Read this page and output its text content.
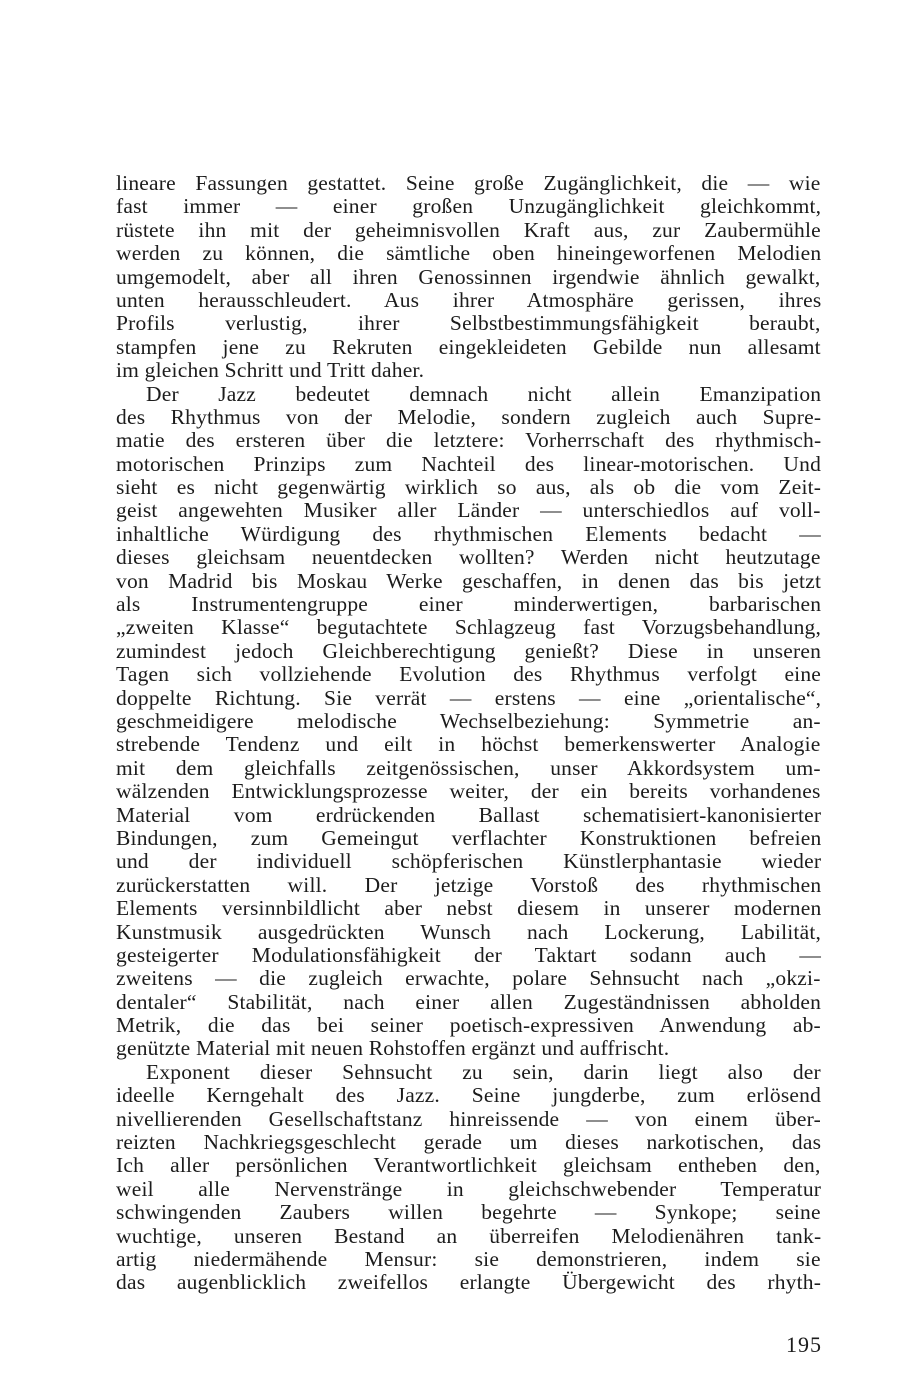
lineare Fassungen gestattet. Seine große Zugänglichkeit, die — wie
fast immer — einer großen Unzugänglichkeit gleichkommt,
rüstete ihn mit der geheimnisvollen Kraft aus, zur Zaubermühle
werden zu können, die sämtliche oben hineingeworfenen Melodien
umgemodelt, aber all ihren Genossinnen irgendwie ähnlich gewalkt,
unten herausschleudert. Aus ihrer Atmosphäre gerissen, ihres
Profils verlustig, ihrer Selbstbestimmungsfähigkeit beraubt,
stampfen jene zu Rekruten eingekleideten Gebilde nun allesamt
im gleichen Schritt und Tritt daher.
Der Jazz bedeutet demnach nicht allein Emanzipation
des Rhythmus von der Melodie, sondern zugleich auch Supre-
matie des ersteren über die letztere: Vorherrschaft des rhythmisch-
motorischen Prinzips zum Nachteil des linear-motorischen. Und
sieht es nicht gegenwärtig wirklich so aus, als ob die vom Zeit-
geist angewehten Musiker aller Länder — unterschiedlos auf voll-
inhaltliche Würdigung des rhythmischen Elements bedacht —
dieses gleichsam neuentdecken wollten? Werden nicht heutzutage
von Madrid bis Moskau Werke geschaffen, in denen das bis jetzt
als Instrumentengruppe einer minderwertigen, barbarischen
„zweiten Klasse“ begutachtete Schlagzeug fast Vorzugsbehandlung,
zumindest jedoch Gleichberechtigung genießt? Diese in unseren
Tagen sich vollziehende Evolution des Rhythmus verfolgt eine
doppelte Richtung. Sie verrät — erstens — eine „orientalische“,
geschmeidigere melodische Wechselbeziehung: Symmetrie an-
strebende Tendenz und eilt in höchst bemerkenswerter Analogie
mit dem gleichfalls zeitgenössischen, unser Akkordsystem um-
wälzenden Entwicklungsprozesse weiter, der ein bereits vorhandenes
Material vom erdrückenden Ballast schematisiert-kanonisierter
Bindungen, zum Gemeingut verflachter Konstruktionen befreien
und der individuell schöpferischen Künstlerphantasie wieder
zurückerstatten will. Der jetzige Vorstoß des rhythmischen
Elements versinnbildlicht aber nebst diesem in unserer modernen
Kunstmusik ausgedrückten Wunsch nach Lockerung, Labilität,
gesteigerter Modulationsfähigkeit der Taktart sodann auch —
zweitens — die zugleich erwachte, polare Sehnsucht nach „okzi-
dentaler“ Stabilität, nach einer allen Zugeständnissen abholden
Metrik, die das bei seiner poetisch-expressiven Anwendung ab-
genützte Material mit neuen Rohstoffen ergänzt und auffrischt.
Exponent dieser Sehnsucht zu sein, darin liegt also der
ideelle Kerngehalt des Jazz. Seine jungderbe, zum erlösend
nivellierenden Gesellschaftstanz hinreissende — von einem über-
reizten Nachkriegsgeschlecht gerade um dieses narkotischen, das
Ich aller persönlichen Verantwortlichkeit gleichsam entheben den,
weil alle Nervenstränge in gleichschwebender Temperatur
schwingenden Zaubers willen begehrte — Synkope; seine
wuchtige, unseren Bestand an überreifen Melodienähren tank-
artig niedermähende Mensur: sie demonstrieren, indem sie
das augenblicklich zweifellos erlangte Übergewicht des rhyth-
195
